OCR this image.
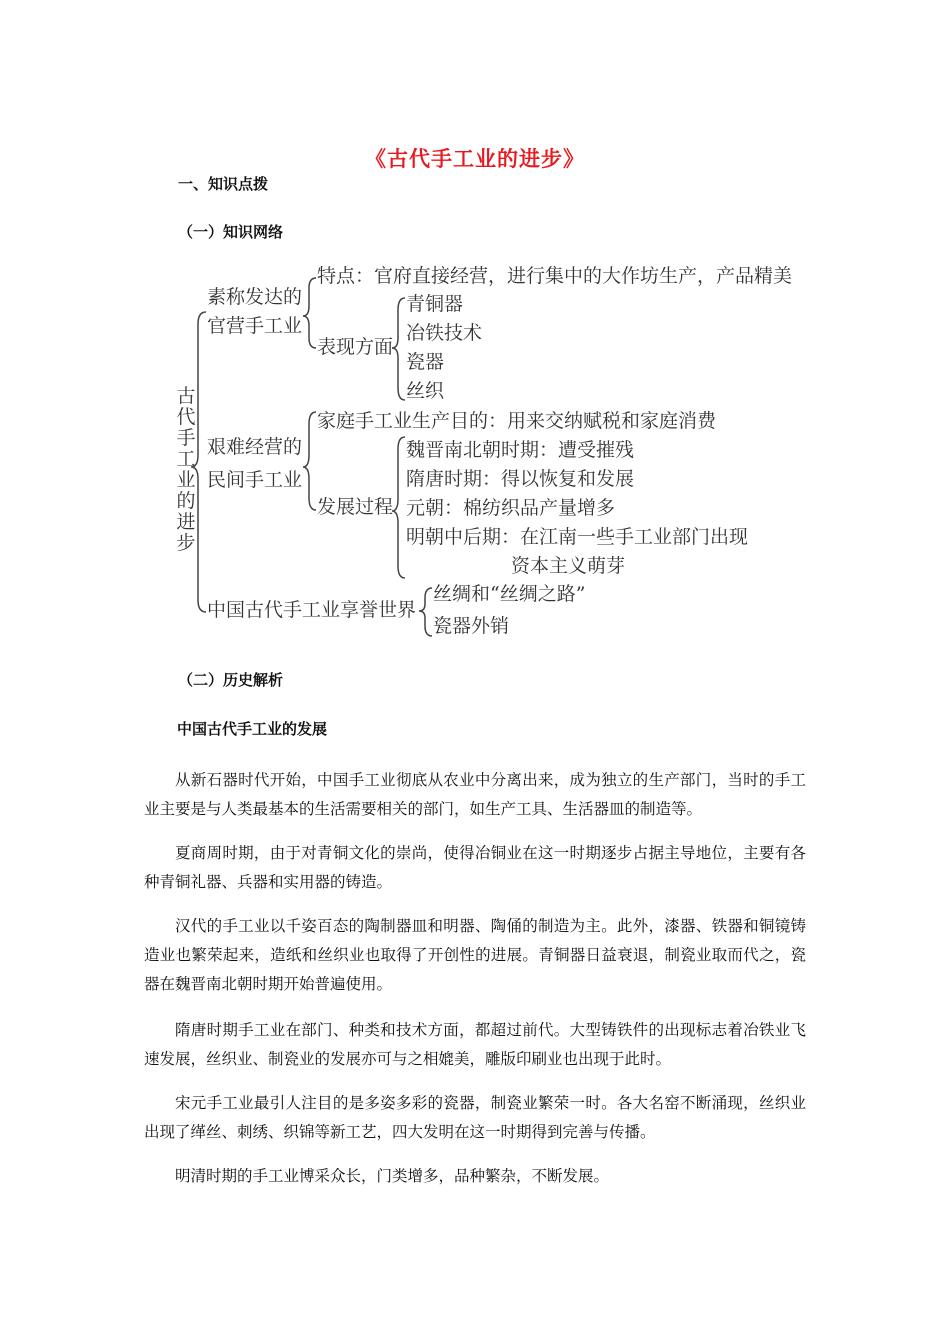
《古代手工业的进步》
一、知识点拨
（一）知识网络
古代手工业的进步
素称发达的
官营手工业
特点：官府直接经营，进行集中的大作坊生产，产品精美
表现方面
青铜器
冶铁技术
瓷器
丝织
艰难经营的
民间手工业
家庭手工业生产目的：用来交纳赋税和家庭消费
发展过程
魏晋南北朝时期：遭受摧残
隋唐时期：得以恢复和发展
元朝：棉纺织品产量增多
明朝中后期：在江南一些手工业部门出现
资本主义萌芽
中国古代手工业享誉世界
丝绸和“丝绸之路”
瓷器外销
（二）历史解析
中国古代手工业的发展

从新石器时代开始，中国手工业彻底从农业中分离出来，成为独立的生产部门，当时的手工业主要是与人类最基本的生活需要相关的部门，如生产工具、生活器皿的制造等。

夏商周时期，由于对青铜文化的崇尚，使得冶铜业在这一时期逐步占据主导地位，主要有各种青铜礼器、兵器和实用器的铸造。

汉代的手工业以千姿百态的陶制器皿和明器、陶俑的制造为主。此外，漆器、铁器和铜镜铸造业也繁荣起来，造纸和丝织业也取得了开创性的进展。青铜器日益衰退，制瓷业取而代之，瓷器在魏晋南北朝时期开始普遍使用。

隋唐时期手工业在部门、种类和技术方面，都超过前代。大型铸铁件的出现标志着冶铁业飞速发展，丝织业、制瓷业的发展亦可与之相媲美，雕版印刷业也出现于此时。

宋元手工业最引人注目的是多姿多彩的瓷器，制瓷业繁荣一时。各大名窑不断涌现，丝织业出现了缂丝、刺绣、织锦等新工艺，四大发明在这一时期得到完善与传播。

明清时期的手工业博采众长，门类增多，品种繁杂，不断发展。
